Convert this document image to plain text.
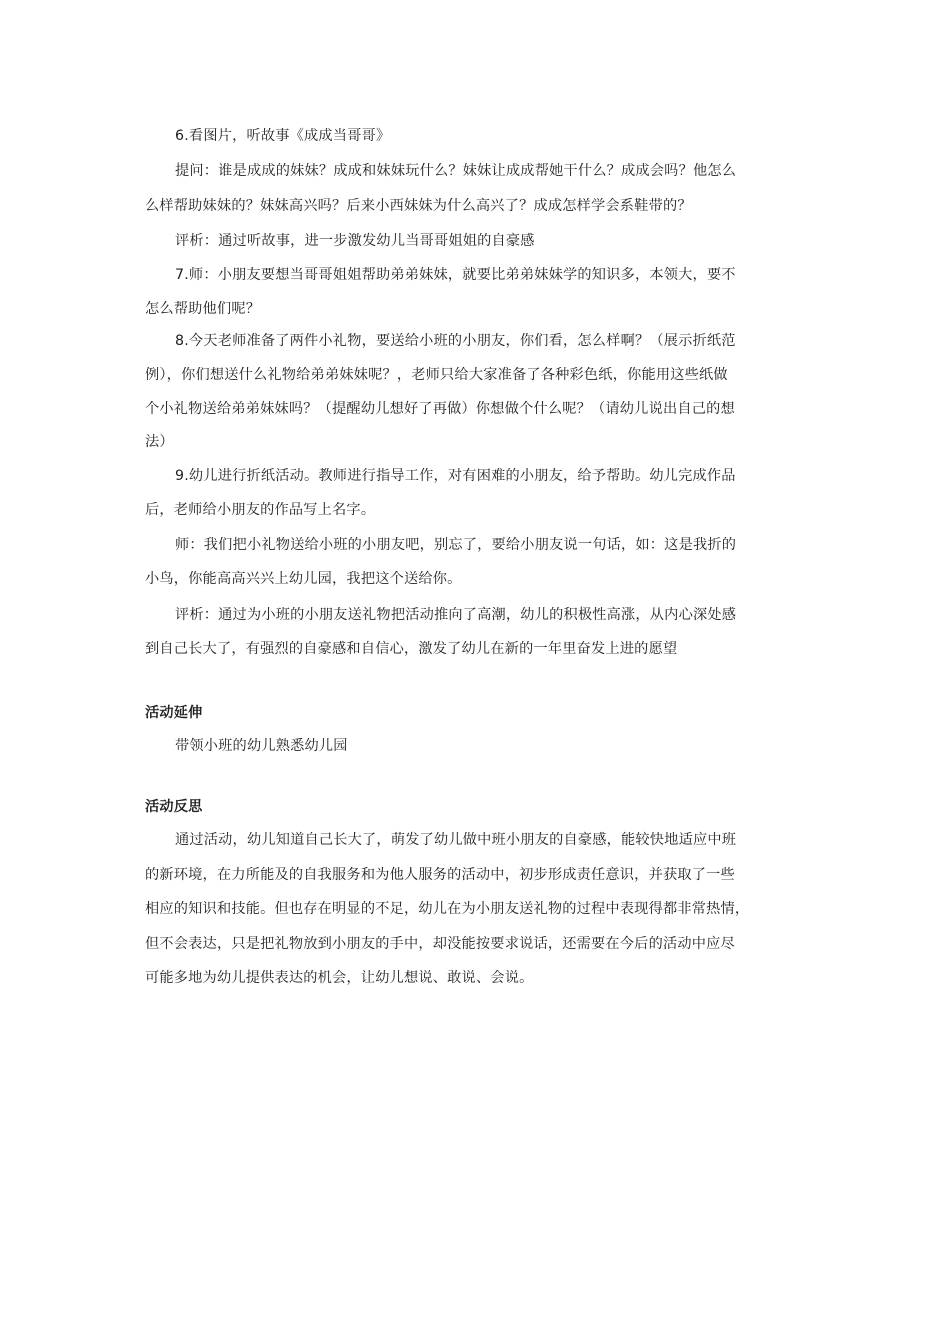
6.看图片，听故事《成成当哥哥》
提问：谁是成成的妹妹？成成和妹妹玩什么？妹妹让成成帮她干什么？成成会吗？他怎么
么样帮助妹妹的？妹妹高兴吗？后来小西妹妹为什么高兴了？成成怎样学会系鞋带的？
评析：通过听故事，进一步激发幼儿当哥哥姐姐的自豪感
7.师：小朋友要想当哥哥姐姐帮助弟弟妹妹，就要比弟弟妹妹学的知识多，本领大，要不
怎么帮助他们呢？
8.今天老师准备了两件小礼物，要送给小班的小朋友，你们看，怎么样啊？（展示折纸范
例），你们想送什么礼物给弟弟妹妹呢？，老师只给大家准备了各种彩色纸，你能用这些纸做
个小礼物送给弟弟妹妹吗？（提醒幼儿想好了再做）你想做个什么呢？（请幼儿说出自己的想
法）
9.幼儿进行折纸活动。教师进行指导工作，对有困难的小朋友，给予帮助。幼儿完成作品
后，老师给小朋友的作品写上名字。
师：我们把小礼物送给小班的小朋友吧，别忘了，要给小朋友说一句话，如：这是我折的
小鸟，你能高高兴兴上幼儿园，我把这个送给你。
评析：通过为小班的小朋友送礼物把活动推向了高潮，幼儿的积极性高涨，从内心深处感
到自己长大了，有强烈的自豪感和自信心，激发了幼儿在新的一年里奋发上进的愿望
活动延伸
带领小班的幼儿熟悉幼儿园
活动反思
通过活动，幼儿知道自己长大了，萌发了幼儿做中班小朋友的自豪感，能较快地适应中班
的新环境，在力所能及的自我服务和为他人服务的活动中，初步形成责任意识，并获取了一些
相应的知识和技能。但也存在明显的不足，幼儿在为小朋友送礼物的过程中表现得都非常热情，
但不会表达，只是把礼物放到小朋友的手中，却没能按要求说话，还需要在今后的活动中应尽
可能多地为幼儿提供表达的机会，让幼儿想说、敢说、会说。
